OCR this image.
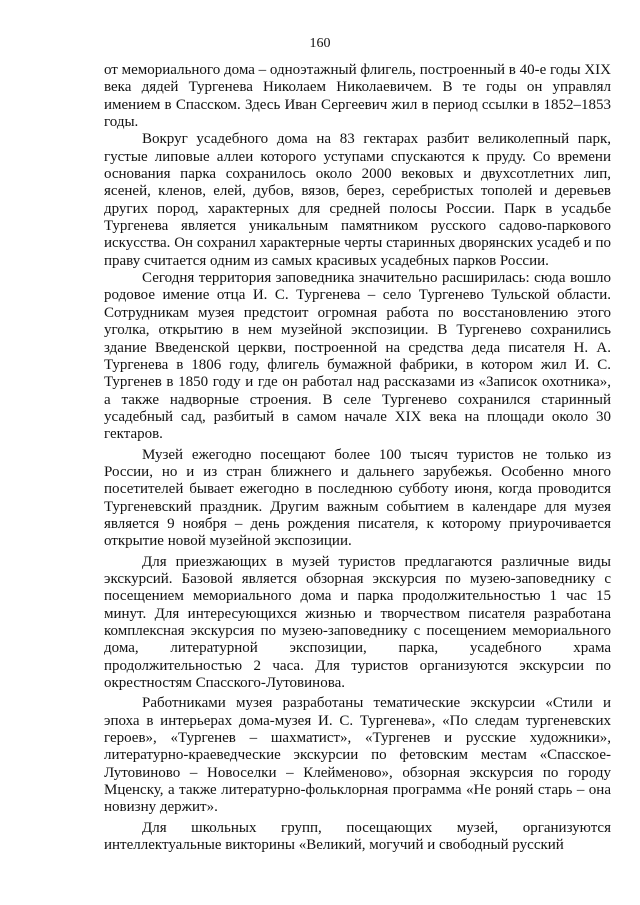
160

от мемориального дома – одноэтажный флигель, построенный в 40-е годы XIX века дядей Тургенева Николаем Николаевичем. В те годы он управлял имением в Спасском. Здесь Иван Сергеевич жил в период ссылки в 1852–1853 годы.

Вокруг усадебного дома на 83 гектарах разбит великолепный парк, густые липовые аллеи которого уступами спускаются к пруду. Со времени основания парка сохранилось около 2000 вековых и двухсотлетних лип, ясеней, кленов, елей, дубов, вязов, берез, серебристых тополей и деревьев других пород, характерных для средней полосы России. Парк в усадьбе Тургенева является уникальным памятником русского садово-паркового искусства. Он сохранил характерные черты старинных дворянских усадеб и по праву считается одним из самых красивых усадебных парков России.

Сегодня территория заповедника значительно расширилась: сюда вошло родовое имение отца И. С. Тургенева – село Тургенево Тульской области. Сотрудникам музея предстоит огромная работа по восстановлению этого уголка, открытию в нем музейной экспозиции. В Тургенево сохранились здание Введенской церкви, построенной на средства деда писателя Н. А. Тургенева в 1806 году, флигель бумажной фабрики, в котором жил И. С. Тургенев в 1850 году и где он работал над рассказами из «Записок охотника», а также надворные строения. В селе Тургенево сохранился старинный усадебный сад, разбитый в самом начале XIX века на площади около 30 гектаров.

Музей ежегодно посещают более 100 тысяч туристов не только из России, но и из стран ближнего и дальнего зарубежья. Особенно много посетителей бывает ежегодно в последнюю субботу июня, когда проводится Тургеневский праздник. Другим важным событием в календаре для музея является 9 ноября – день рождения писателя, к которому приурочивается открытие новой музейной экспозиции.

Для приезжающих в музей туристов предлагаются различные виды экскурсий. Базовой является обзорная экскурсия по музею-заповеднику с посещением мемориального дома и парка продолжительностью 1 час 15 минут. Для интересующихся жизнью и творчеством писателя разработана комплексная экскурсия по музею-заповеднику с посещением мемориального дома, литературной экспозиции, парка, усадебного храма продолжительностью 2 часа. Для туристов организуются экскурсии по окрестностям Спасского-Лутовинова.

Работниками музея разработаны тематические экскурсии «Стили и эпоха в интерьерах дома-музея И. С. Тургенева», «По следам тургеневских героев», «Тургенев – шахматист», «Тургенев и русские художники», литературно-краеведческие экскурсии по фетовским местам «Спасское-Лутовиново – Новоселки – Клейменово», обзорная экскурсия по городу Мценску, а также литературно-фольклорная программа «Не роняй старь – она новизну держит».

Для школьных групп, посещающих музей, организуются интеллектуальные викторины «Великий, могучий и свободный русский
